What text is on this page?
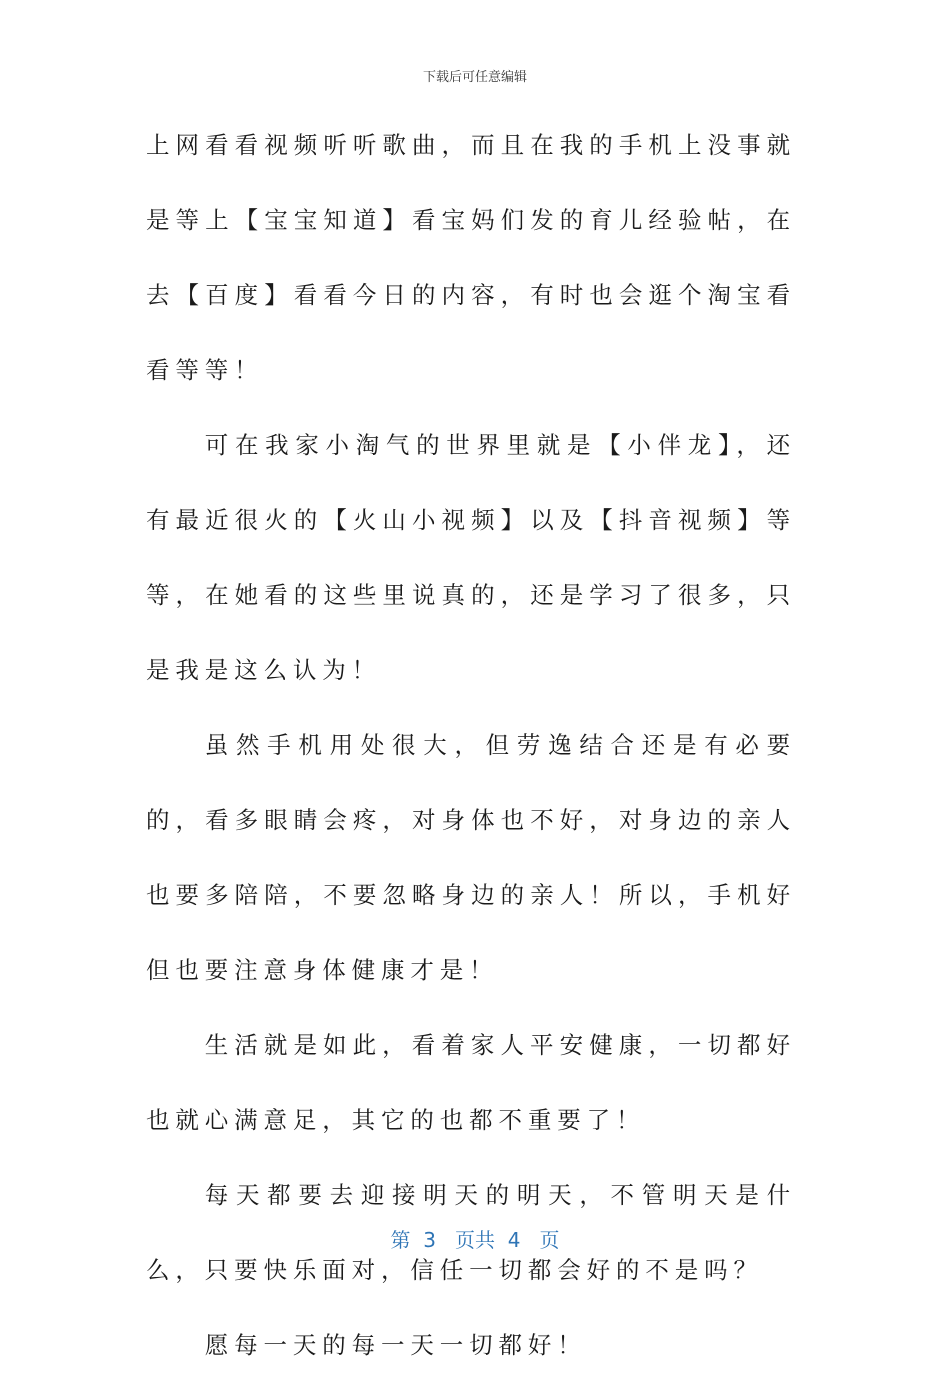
下载后可任意编辑

上网看看视频听听歌曲，而且在我的手机上没事就是等上【宝宝知道】看宝妈们发的育儿经验帖，在去【百度】看看今日的内容，有时也会逛个淘宝看看等等！

可在我家小淘气的世界里就是【小伴龙】，还有最近很火的【火山小视频】以及【抖音视频】等等，在她看的这些里说真的，还是学习了很多，只是我是这么认为！

虽然手机用处很大，但劳逸结合还是有必要的，看多眼睛会疼，对身体也不好，对身边的亲人也要多陪陪，不要忽略身边的亲人！所以，手机好但也要注意身体健康才是！

生活就是如此，看着家人平安健康，一切都好也就心满意足，其它的也都不重要了！

每天都要去迎接明天的明天，不管明天是什么，只要快乐面对，信任一切都会好的不是吗？

愿每一天的每一天一切都好！

第  3   页共  4   页
